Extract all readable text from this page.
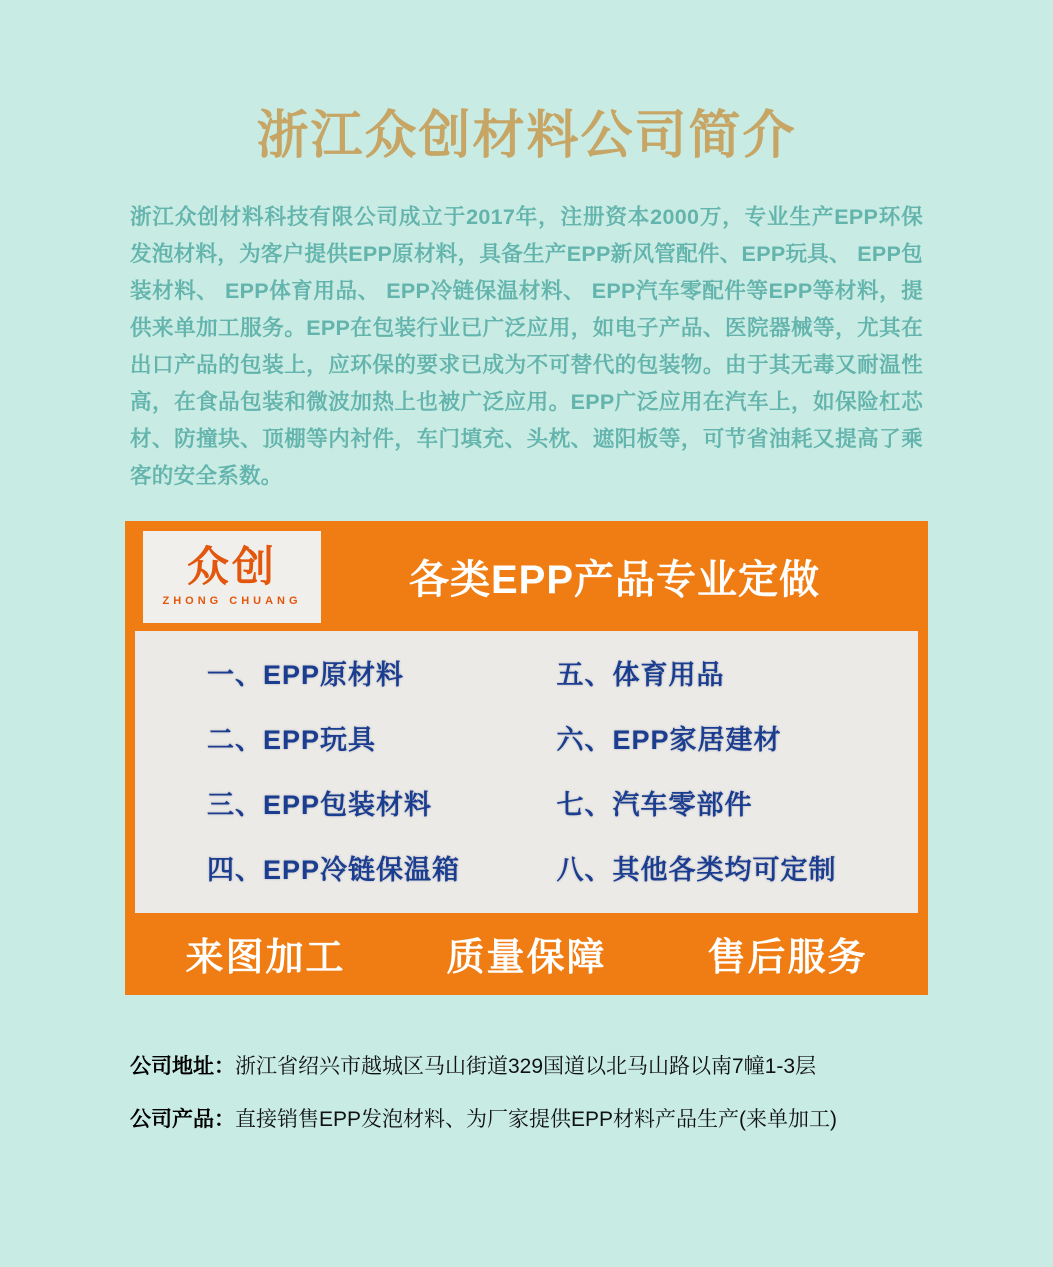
浙江众创材料公司简介
浙江众创材料科技有限公司成立于2017年，注册资本2000万，专业生产EPP环保发泡材料，为客户提供EPP原材料，具备生产EPP新风管配件、EPP玩具、 EPP包装材料、 EPP体育用品、 EPP冷链保温材料、 EPP汽车零配件等EPP等材料，提供来单加工服务。EPP在包装行业已广泛应用，如电子产品、医院器械等，尤其在出口产品的包装上，应环保的要求已成为不可替代的包装物。由于其无毒又耐温性高，在食品包装和微波加热上也被广泛应用。EPP广泛应用在汽车上，如保险杠芯材、防撞块、顶棚等内衬件，车门填充、头枕、遮阳板等，可节省油耗又提高了乘客的安全系数。
众创
ZHONG CHUANG	各类EPP产品专业定做
一、EPP原材料	五、体育用品
二、EPP玩具	六、EPP家居建材
三、EPP包装材料	七、汽车零部件
四、EPP冷链保温箱	八、其他各类均可定制
来图加工	质量保障	售后服务
公司地址：浙江省绍兴市越城区马山街道329国道以北马山路以南7幢1-3层
公司产品：直接销售EPP发泡材料、为厂家提供EPP材料产品生产(来单加工)
